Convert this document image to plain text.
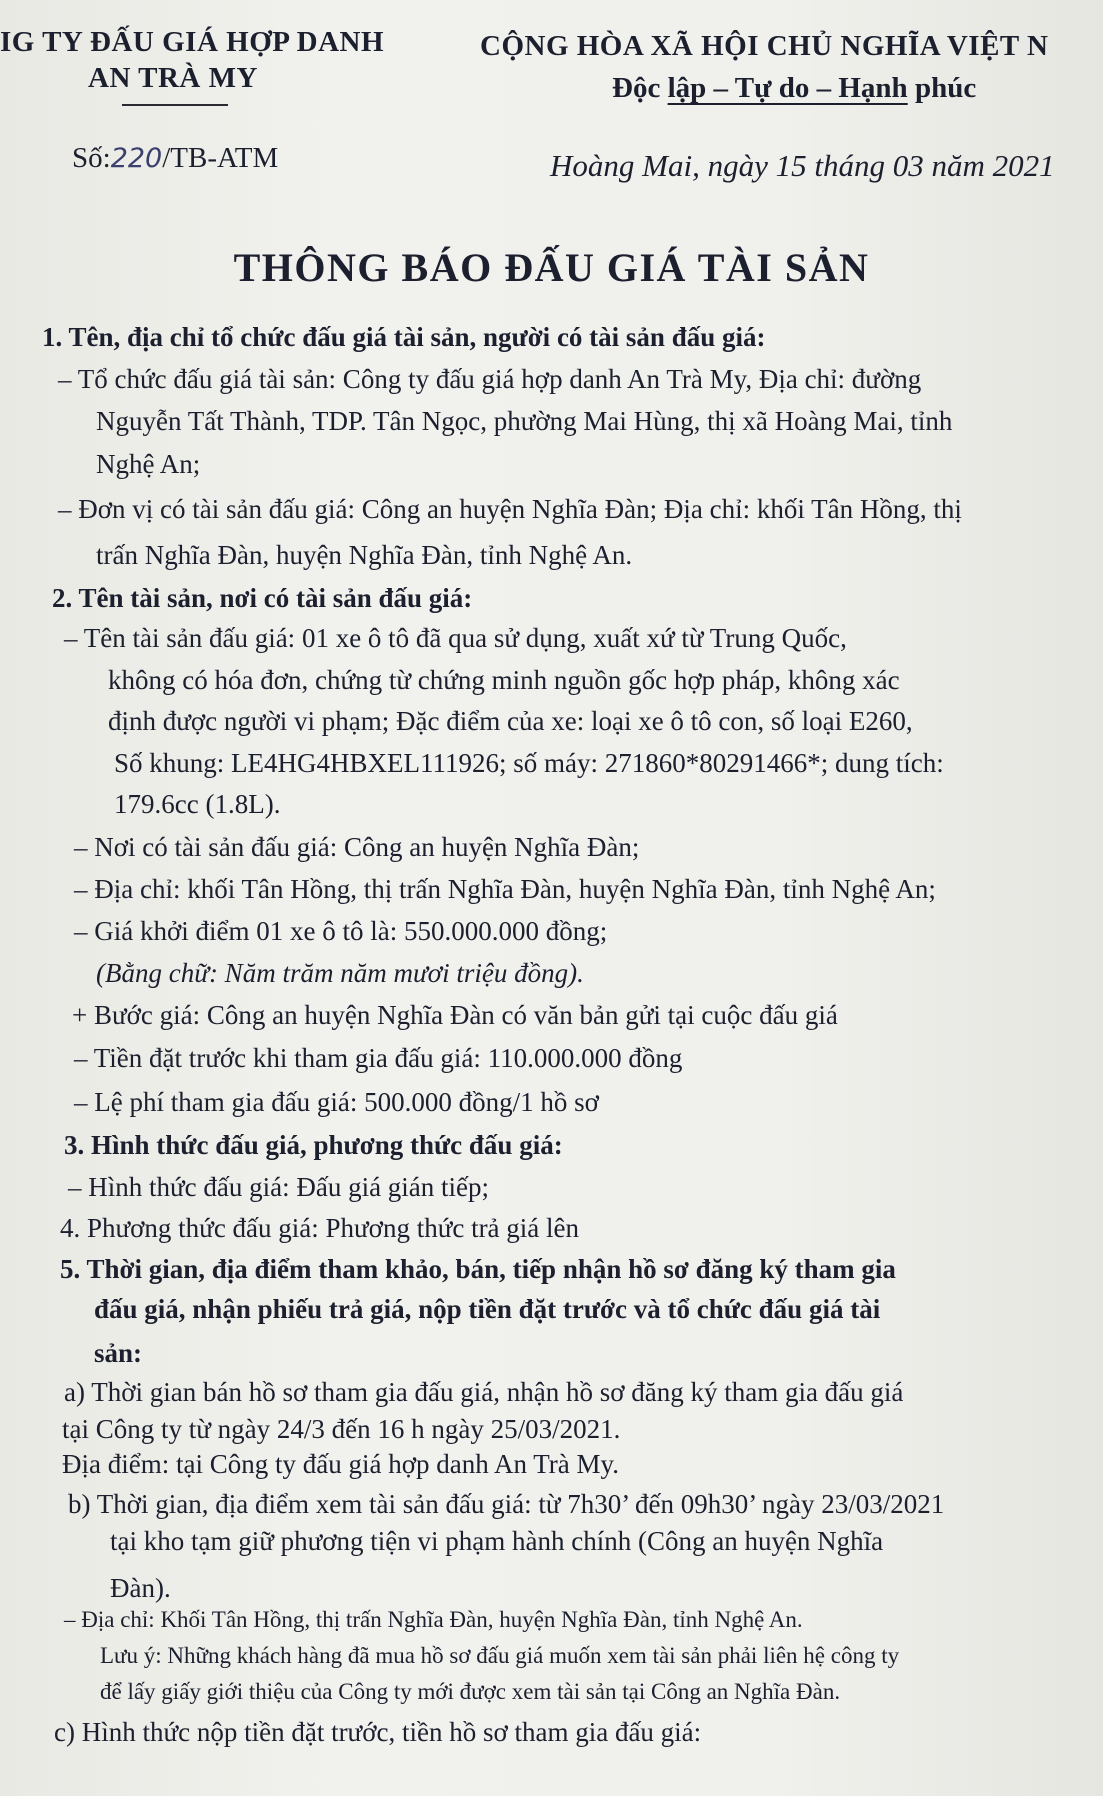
IG TY ĐẤU GIÁ HỢP DANH
AN TRÀ MY
CỘNG HÒA XÃ HỘI CHỦ NGHĨA VIỆT N
Độc lập – Tự do – Hạnh phúc
Số:220/TB-ATM	Hoàng Mai, ngày 15 tháng 03 năm 2021
THÔNG BÁO ĐẤU GIÁ TÀI SẢN
1. Tên, địa chỉ tổ chức đấu giá tài sản, người có tài sản đấu giá:
– Tổ chức đấu giá tài sản: Công ty đấu giá hợp danh An Trà My, Địa chỉ: đường
Nguyễn Tất Thành, TDP. Tân Ngọc, phường Mai Hùng, thị xã Hoàng Mai, tỉnh
Nghệ An;
– Đơn vị có tài sản đấu giá: Công an huyện Nghĩa Đàn; Địa chỉ: khối Tân Hồng, thị
trấn Nghĩa Đàn, huyện Nghĩa Đàn, tỉnh Nghệ An.
2. Tên tài sản, nơi có tài sản đấu giá:
– Tên tài sản đấu giá: 01 xe ô tô đã qua sử dụng, xuất xứ từ Trung Quốc,
không có hóa đơn, chứng từ chứng minh nguồn gốc hợp pháp, không xác
định được người vi phạm; Đặc điểm của xe: loại xe ô tô con, số loại E260,
Số khung: LE4HG4HBXEL111926; số máy: 271860*80291466*; dung tích:
179.6cc (1.8L).
– Nơi có tài sản đấu giá: Công an huyện Nghĩa Đàn;
– Địa chỉ: khối Tân Hồng, thị trấn Nghĩa Đàn, huyện Nghĩa Đàn, tỉnh Nghệ An;
– Giá khởi điểm 01 xe ô tô là: 550.000.000 đồng;
(Bằng chữ: Năm trăm năm mươi triệu đồng).
+ Bước giá: Công an huyện Nghĩa Đàn có văn bản gửi tại cuộc đấu giá
– Tiền đặt trước khi tham gia đấu giá: 110.000.000 đồng
– Lệ phí tham gia đấu giá: 500.000 đồng/1 hồ sơ
3. Hình thức đấu giá, phương thức đấu giá:
– Hình thức đấu giá: Đấu giá gián tiếp;
4. Phương thức đấu giá: Phương thức trả giá lên
5. Thời gian, địa điểm tham khảo, bán, tiếp nhận hồ sơ đăng ký tham gia
đấu giá, nhận phiếu trả giá, nộp tiền đặt trước và tổ chức đấu giá tài
sản:
a) Thời gian bán hồ sơ tham gia đấu giá, nhận hồ sơ đăng ký tham gia đấu giá
tại Công ty từ ngày 24/3 đến 16 h ngày 25/03/2021.
Địa điểm: tại Công ty đấu giá hợp danh An Trà My.
b) Thời gian, địa điểm xem tài sản đấu giá: từ 7h30’ đến 09h30’ ngày 23/03/2021
tại kho tạm giữ phương tiện vi phạm hành chính (Công an huyện Nghĩa
Đàn).
– Địa chỉ: Khối Tân Hồng, thị trấn Nghĩa Đàn, huyện Nghĩa Đàn, tỉnh Nghệ An.
Lưu ý: Những khách hàng đã mua hồ sơ đấu giá muốn xem tài sản phải liên hệ công ty
để lấy giấy giới thiệu của Công ty mới được xem tài sản tại Công an Nghĩa Đàn.
c) Hình thức nộp tiền đặt trước, tiền hồ sơ tham gia đấu giá:
